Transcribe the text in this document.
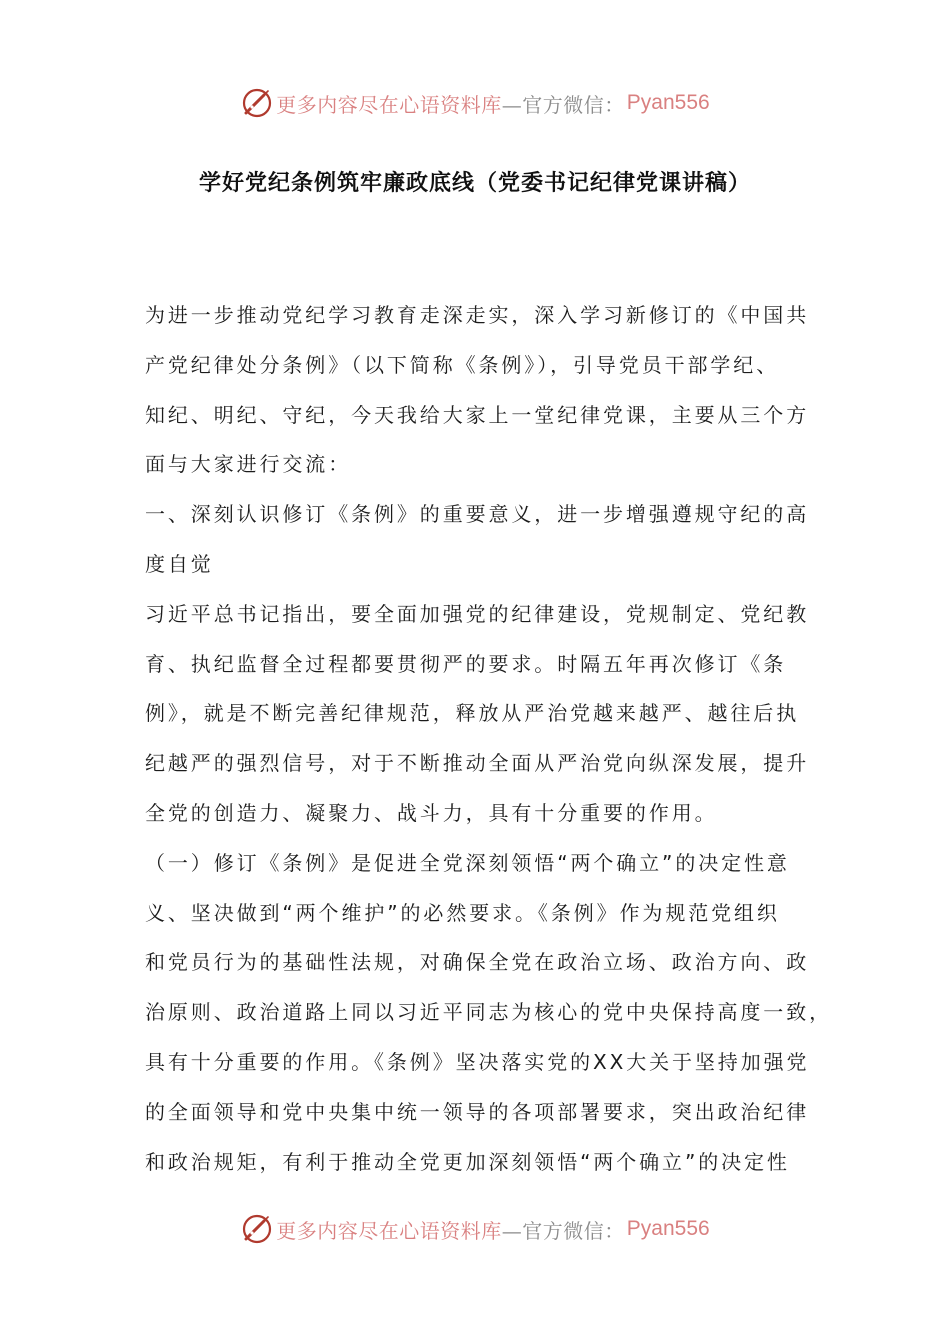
更多内容尽在心语资料库 —官方微信： Pyan556
学好党纪条例筑牢廉政底线（党委书记纪律党课讲稿）
为进一步推动党纪学习教育走深走实，深入学习新修订的《中国共
产党纪律处分条例》（以下简称《条例》），引导党员干部学纪、
知纪、明纪、守纪，今天我给大家上一堂纪律党课，主要从三个方
面与大家进行交流：
一、深刻认识修订《条例》的重要意义，进一步增强遵规守纪的高
度自觉
习近平总书记指出，要全面加强党的纪律建设，党规制定、党纪教
育、执纪监督全过程都要贯彻严的要求。时隔五年再次修订《条
例》，就是不断完善纪律规范，释放从严治党越来越严、越往后执
纪越严的强烈信号，对于不断推动全面从严治党向纵深发展，提升
全党的创造力、凝聚力、战斗力，具有十分重要的作用。
（一）修订《条例》是促进全党深刻领悟“两个确立”的决定性意
义、坚决做到“两个维护”的必然要求。《条例》作为规范党组织
和党员行为的基础性法规，对确保全党在政治立场、政治方向、政
治原则、政治道路上同以习近平同志为核心的党中央保持高度一致，
具有十分重要的作用。《条例》坚决落实党的XX大关于坚持加强党
的全面领导和党中央集中统一领导的各项部署要求，突出政治纪律
和政治规矩，有利于推动全党更加深刻领悟“两个确立”的决定性
更多内容尽在心语资料库 —官方微信： Pyan556
